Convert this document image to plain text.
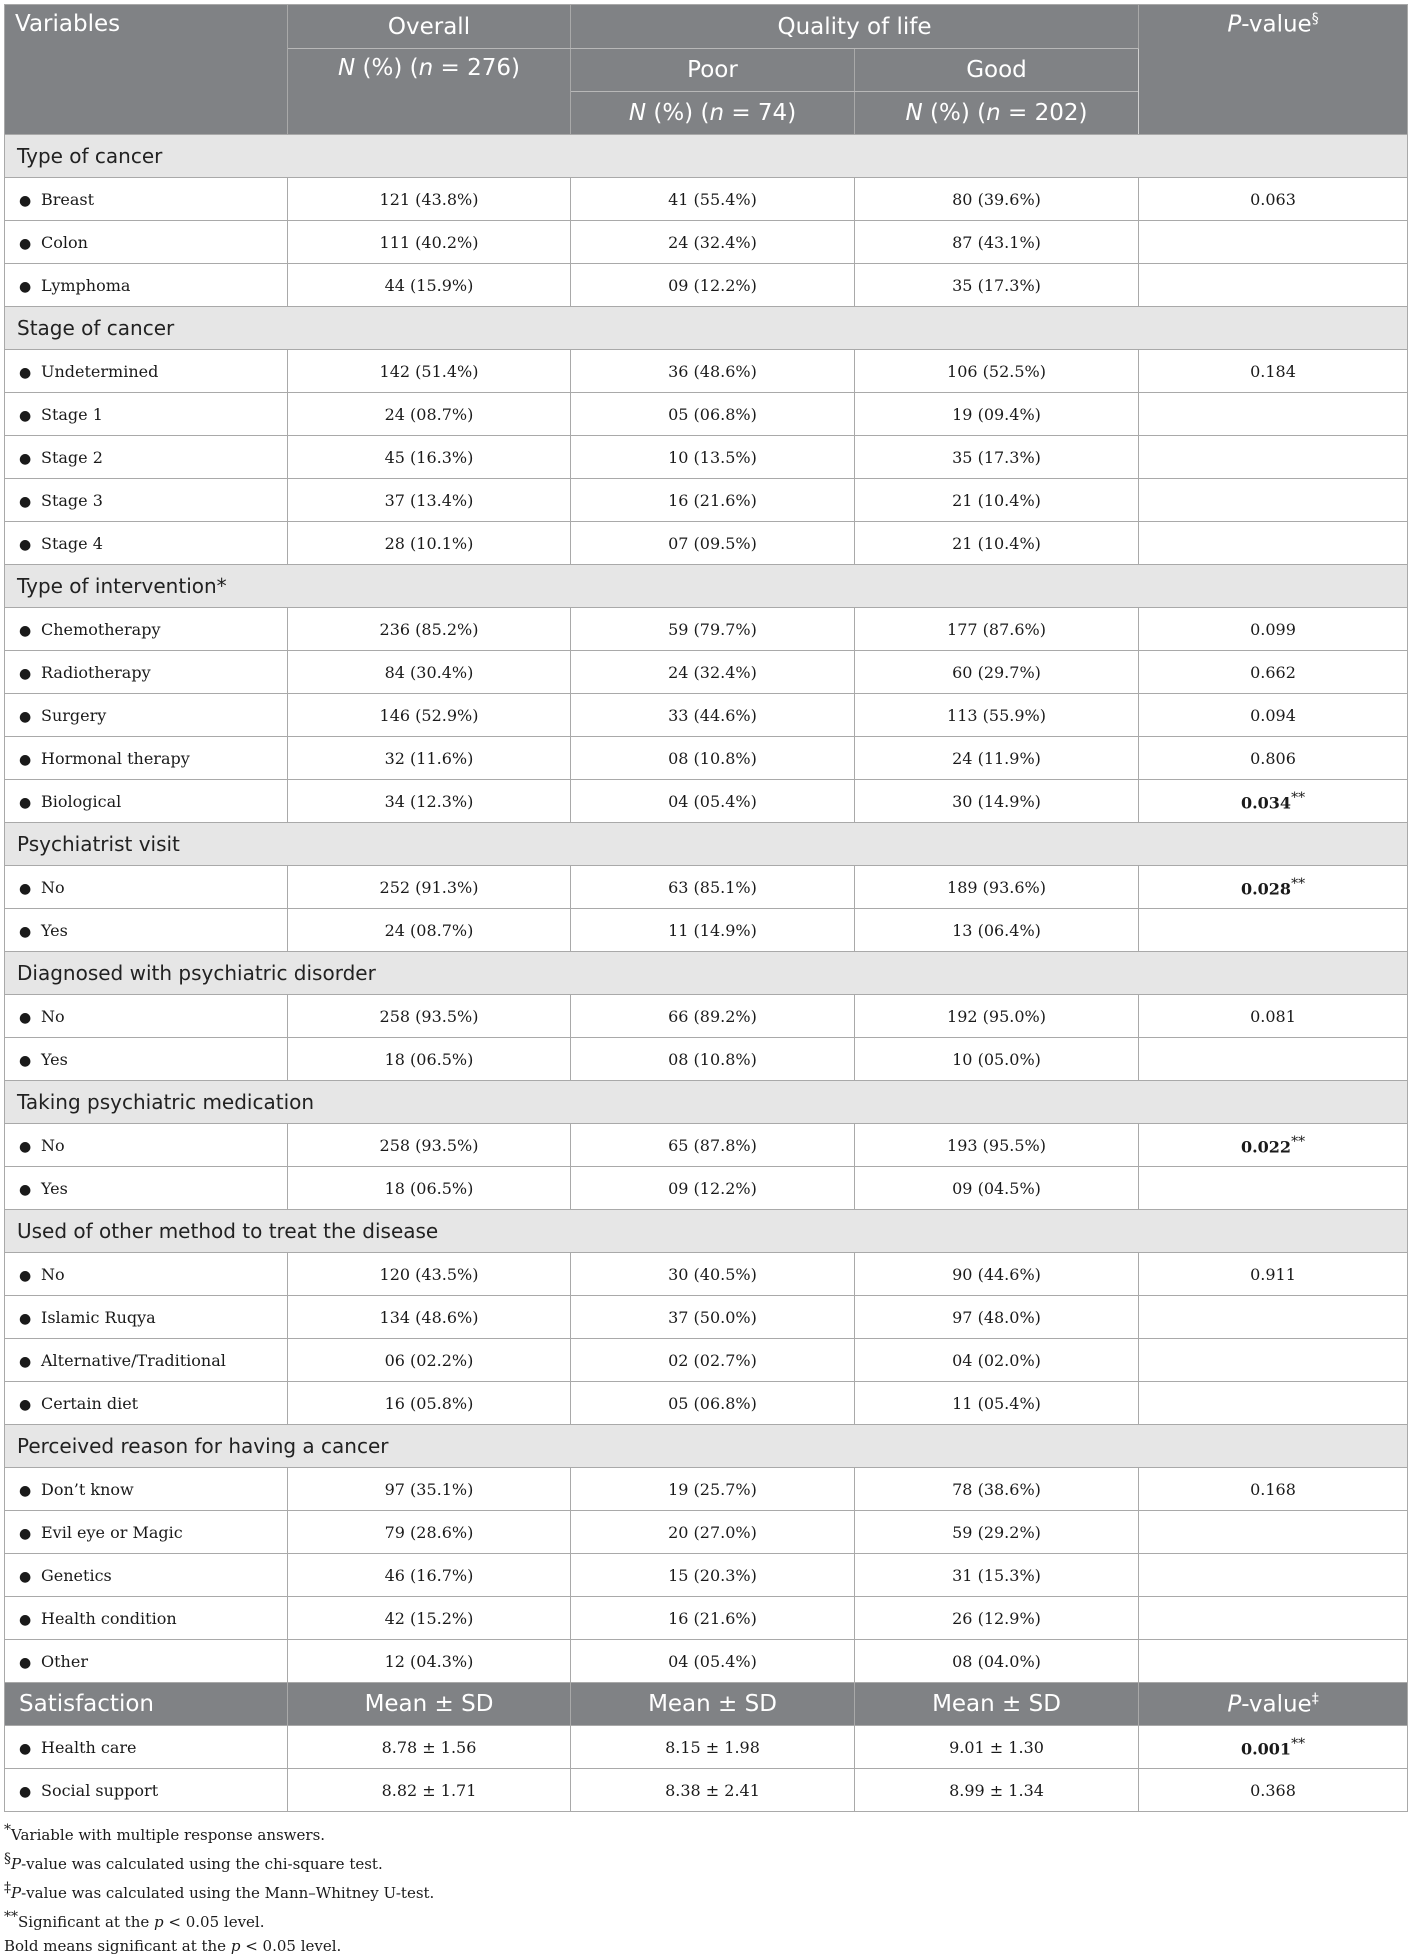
Variables	Overall	Quality of life		P-value§
	N (%) (n = 276)	Poor	Good	
		N (%) (n = 74)	N (%) (n = 202)	
Type of cancer				
● Breast	121 (43.8%)	41 (55.4%)	80 (39.6%)	0.063
● Colon	111 (40.2%)	24 (32.4%)	87 (43.1%)	
● Lymphoma	44 (15.9%)	09 (12.2%)	35 (17.3%)	
Stage of cancer				
● Undetermined	142 (51.4%)	36 (48.6%)	106 (52.5%)	0.184
● Stage 1	24 (08.7%)	05 (06.8%)	19 (09.4%)	
● Stage 2	45 (16.3%)	10 (13.5%)	35 (17.3%)	
● Stage 3	37 (13.4%)	16 (21.6%)	21 (10.4%)	
● Stage 4	28 (10.1%)	07 (09.5%)	21 (10.4%)	
Type of intervention*				
● Chemotherapy	236 (85.2%)	59 (79.7%)	177 (87.6%)	0.099
● Radiotherapy	84 (30.4%)	24 (32.4%)	60 (29.7%)	0.662
● Surgery	146 (52.9%)	33 (44.6%)	113 (55.9%)	0.094
● Hormonal therapy	32 (11.6%)	08 (10.8%)	24 (11.9%)	0.806
● Biological	34 (12.3%)	04 (05.4%)	30 (14.9%)	0.034**
Psychiatrist visit				
● No	252 (91.3%)	63 (85.1%)	189 (93.6%)	0.028**
● Yes	24 (08.7%)	11 (14.9%)	13 (06.4%)	
Diagnosed with psychiatric disorder				
● No	258 (93.5%)	66 (89.2%)	192 (95.0%)	0.081
● Yes	18 (06.5%)	08 (10.8%)	10 (05.0%)	
Taking psychiatric medication				
● No	258 (93.5%)	65 (87.8%)	193 (95.5%)	0.022**
● Yes	18 (06.5%)	09 (12.2%)	09 (04.5%)	
Used of other method to treat the disease				
● No	120 (43.5%)	30 (40.5%)	90 (44.6%)	0.911
● Islamic Ruqya	134 (48.6%)	37 (50.0%)	97 (48.0%)	
● Alternative/Traditional	06 (02.2%)	02 (02.7%)	04 (02.0%)	
● Certain diet	16 (05.8%)	05 (06.8%)	11 (05.4%)	
Perceived reason for having a cancer				
● Don’t know	97 (35.1%)	19 (25.7%)	78 (38.6%)	0.168
● Evil eye or Magic	79 (28.6%)	20 (27.0%)	59 (29.2%)	
● Genetics	46 (16.7%)	15 (20.3%)	31 (15.3%)	
● Health condition	42 (15.2%)	16 (21.6%)	26 (12.9%)	
● Other	12 (04.3%)	04 (05.4%)	08 (04.0%)	
Satisfaction	Mean ± SD	Mean ± SD	Mean ± SD	P-value‡
● Health care	8.78 ± 1.56	8.15 ± 1.98	9.01 ± 1.30	0.001**
● Social support	8.82 ± 1.71	8.38 ± 2.41	8.99 ± 1.34	0.368
*Variable with multiple response answers.
§P-value was calculated using the chi-square test.
‡P-value was calculated using the Mann–Whitney U-test.
**Significant at the p < 0.05 level.
Bold means significant at the p < 0.05 level.
